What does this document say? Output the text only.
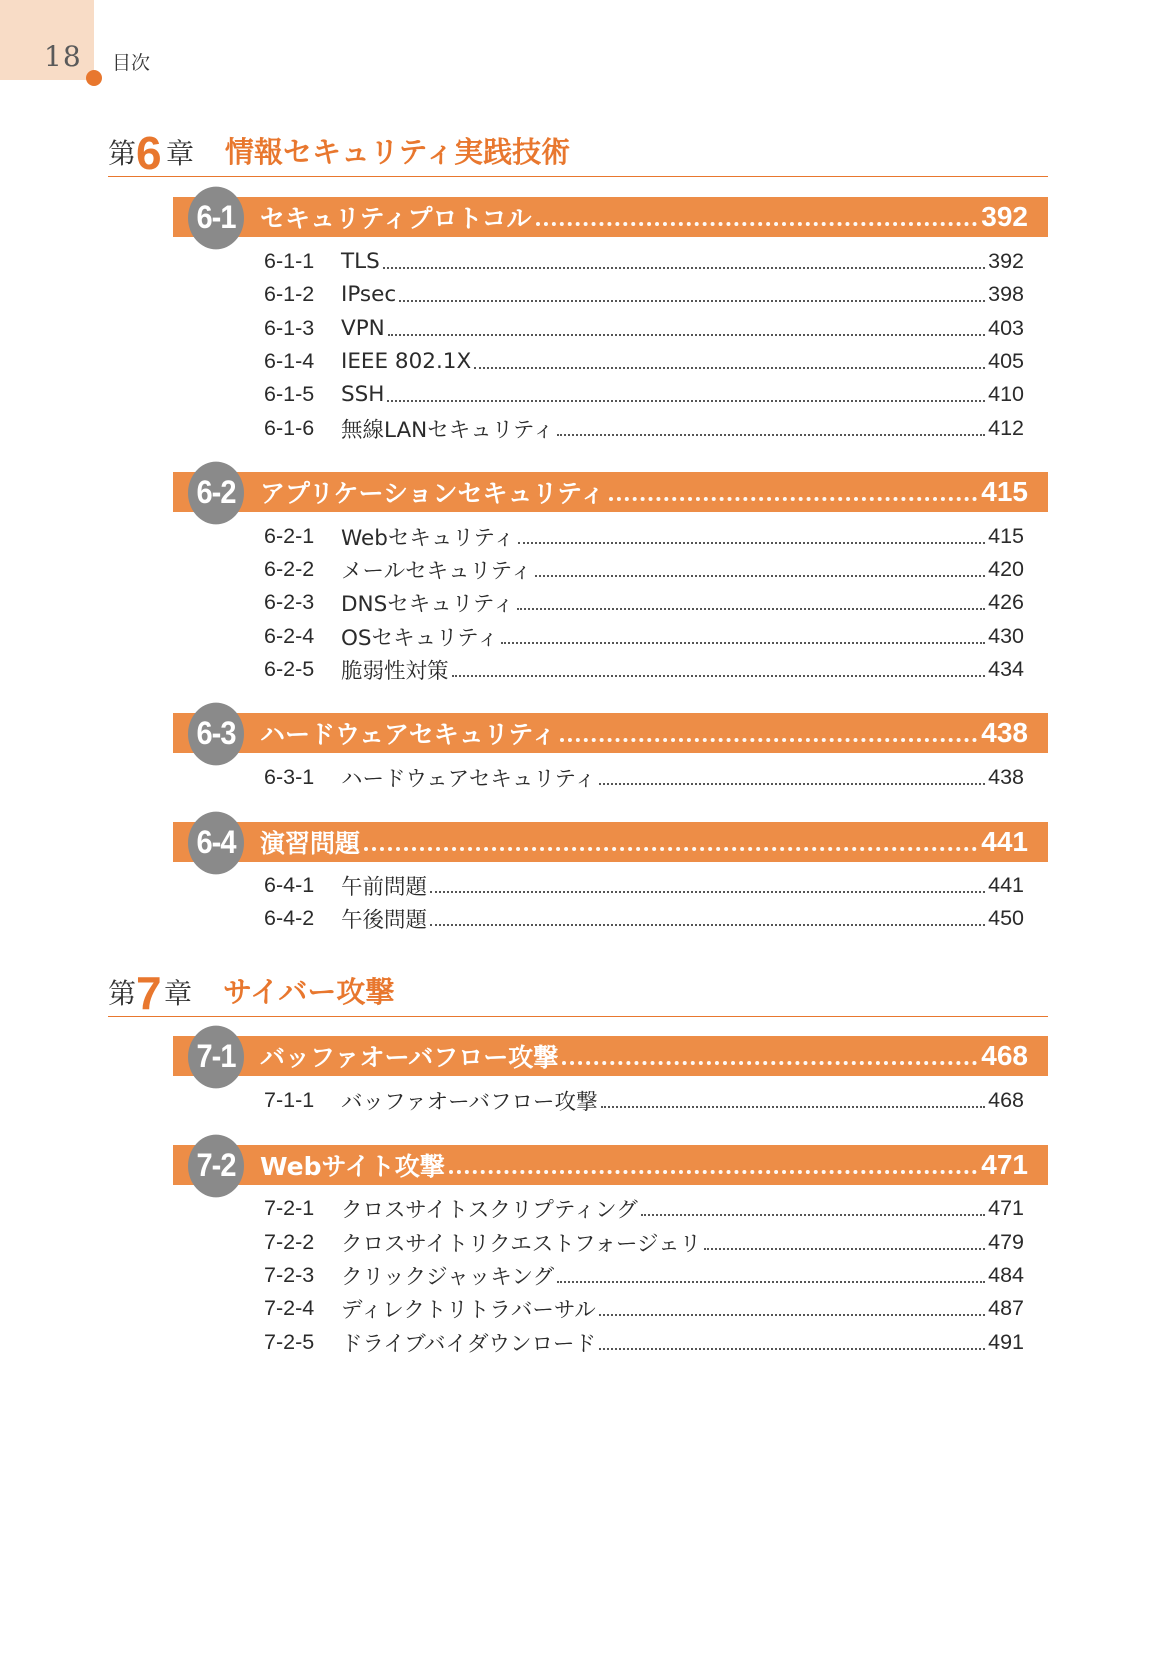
18 目次
第 6 章 情報セキュリティ実践技術
6-1 セキュリティプロトコル	392
6-1-1	TLS	392
6-1-2	IPsec	398
6-1-3	VPN	403
6-1-4	IEEE 802.1X	405
6-1-5	SSH	410
6-1-6	無線LANセキュリティ	412
6-2 アプリケーションセキュリティ	415
6-2-1	Webセキュリティ	415
6-2-2	メールセキュリティ	420
6-2-3	DNSセキュリティ	426
6-2-4	OSセキュリティ	430
6-2-5	脆弱性対策	434
6-3 ハードウェアセキュリティ	438
6-3-1	ハードウェアセキュリティ	438
6-4 演習問題	441
6-4-1	午前問題	441
6-4-2	午後問題	450
第 7 章 サイバー攻撃
7-1 バッファオーバフロー攻撃	468
7-1-1	バッファオーバフロー攻撃	468
7-2 Webサイト攻撃	471
7-2-1	クロスサイトスクリプティング	471
7-2-2	クロスサイトリクエストフォージェリ	479
7-2-3	クリックジャッキング	484
7-2-4	ディレクトリトラバーサル	487
7-2-5	ドライブバイダウンロード	491
